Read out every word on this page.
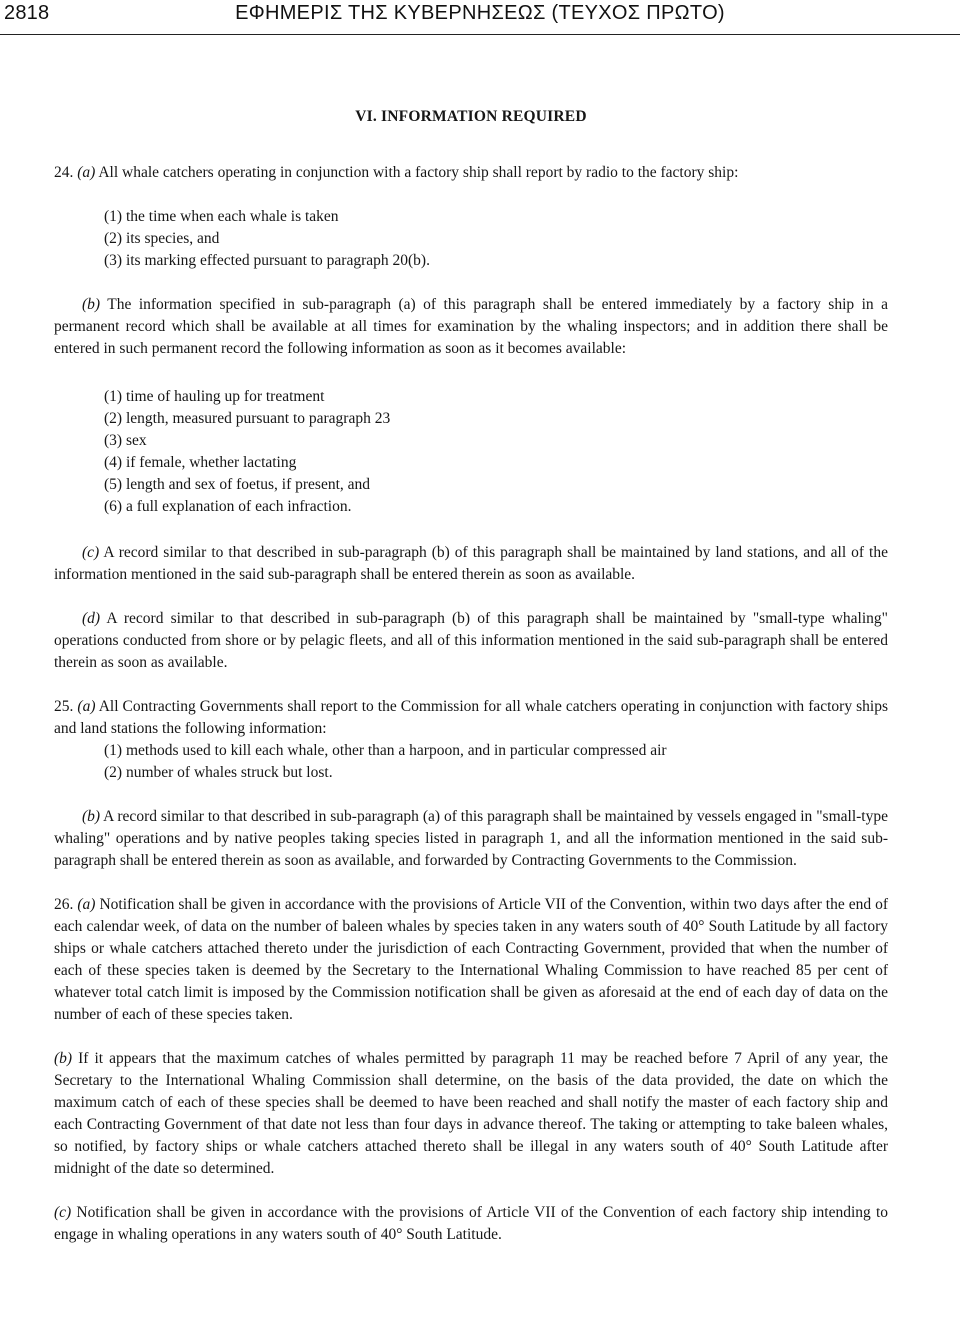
2818	ΕΦΗΜΕΡΙΣ ΤΗΣ ΚΥΒΕΡΝΗΣΕΩΣ (ΤΕΥΧΟΣ ΠΡΩΤΟ)
VI. INFORMATION REQUIRED

24. (a) All whale catchers operating in conjunction with a factory ship shall report by radio to the factory ship:

(1) the time when each whale is taken
(2) its species, and
(3) its marking effected pursuant to paragraph 20(b).

(b) The information specified in sub-paragraph (a) of this paragraph shall be entered immediately by a factory ship in a permanent record which shall be available at all times for examination by the whaling inspectors; and in addition there shall be entered in such permanent record the following information as soon as it becomes available:

(1) time of hauling up for treatment
(2) length, measured pursuant to paragraph 23
(3) sex
(4) if female, whether lactating
(5) length and sex of foetus, if present, and
(6) a full explanation of each infraction.

(c) A record similar to that described in sub-paragraph (b) of this paragraph shall be maintained by land stations, and all of the information mentioned in the said sub-paragraph shall be entered therein as soon as available.

(d) A record similar to that described in sub-paragraph (b) of this paragraph shall be maintained by "small-type whaling" operations conducted from shore or by pelagic fleets, and all of this information mentioned in the said sub-paragraph shall be entered therein as soon as available.

25. (a) All Contracting Governments shall report to the Commission for all whale catchers operating in conjunction with factory ships and land stations the following information:

(1) methods used to kill each whale, other than a harpoon, and in particular compressed air
(2) number of whales struck but lost.

(b) A record similar to that described in sub-paragraph (a) of this paragraph shall be maintained by vessels engaged in "small-type whaling" operations and by native peoples taking species listed in paragraph 1, and all the information mentioned in the said sub-paragraph shall be entered therein as soon as available, and forwarded by Contracting Governments to the Commission.

26. (a) Notification shall be given in accordance with the provisions of Article VII of the Convention, within two days after the end of each calendar week, of data on the number of baleen whales by species taken in any waters south of 40° South Latitude by all factory ships or whale catchers attached thereto under the jurisdiction of each Contracting Government, provided that when the number of each of these species taken is deemed by the Secretary to the International Whaling Commission to have reached 85 per cent of whatever total catch limit is imposed by the Commission notification shall be given as aforesaid at the end of each day of data on the number of each of these species taken.

(b) If it appears that the maximum catches of whales permitted by paragraph 11 may be reached before 7 April of any year, the Secretary to the International Whaling Commission shall determine, on the basis of the data provided, the date on which the maximum catch of each of these species shall be deemed to have been reached and shall notify the master of each factory ship and each Contracting Government of that date not less than four days in advance thereof. The taking or attempting to take baleen whales, so notified, by factory ships or whale catchers attached thereto shall be illegal in any waters south of 40° South Latitude after midnight of the date so determined.

(c) Notification shall be given in accordance with the provisions of Article VII of the Convention of each factory ship intending to engage in whaling operations in any waters south of 40° South Latitude.
